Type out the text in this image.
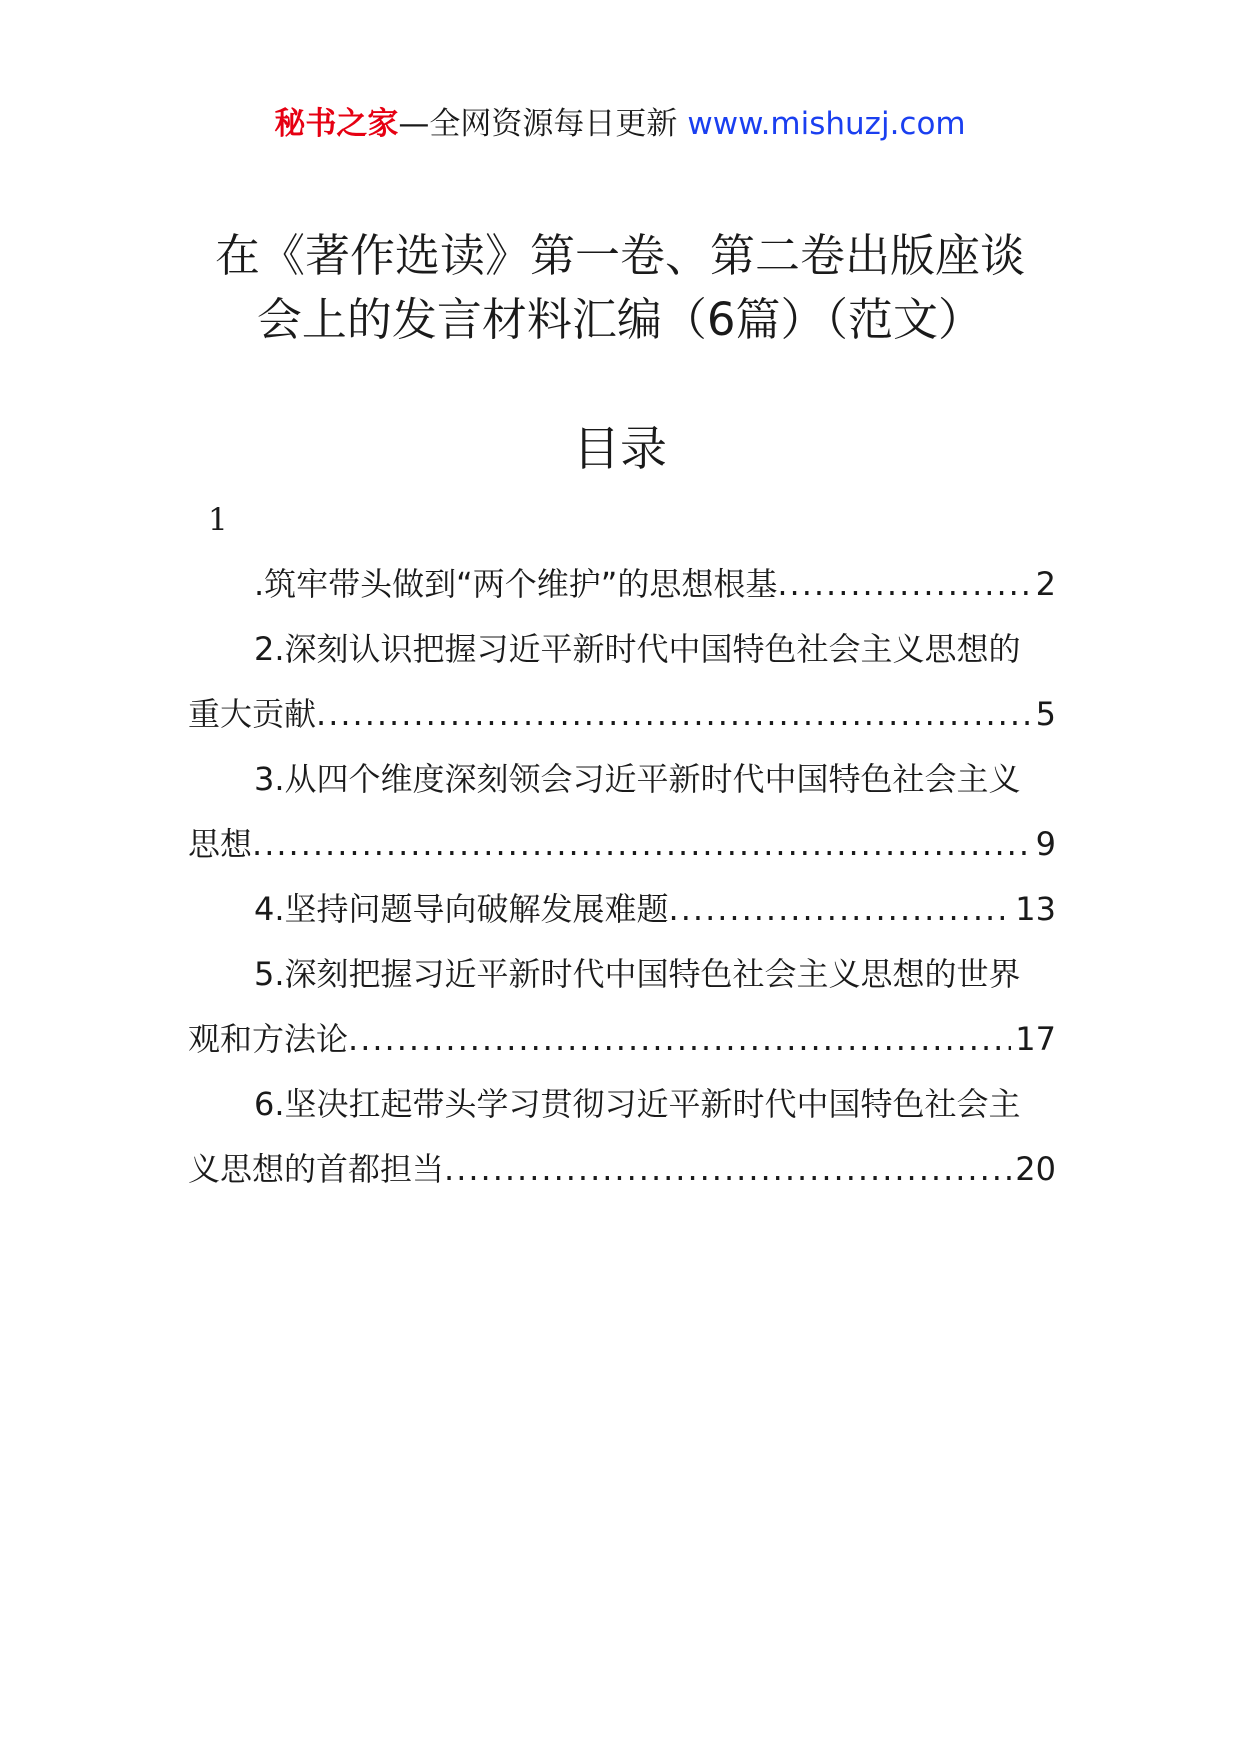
秘书之家—全网资源每日更新 www.mishuzj.com
在《著作选读》第一卷、第二卷出版座谈
会上的发言材料汇编（6篇）（范文）
目录
1
.筑牢带头做到“两个维护”的思想根基 .....	2
2.深刻认识把握习近平新时代中国特色社会主义思想的
重大贡献 .....	5
3.从四个维度深刻领会习近平新时代中国特色社会主义
思想 .....	9
4.坚持问题导向破解发展难题 .....	13
5.深刻把握习近平新时代中国特色社会主义思想的世界
观和方法论 .....	17
6.坚决扛起带头学习贯彻习近平新时代中国特色社会主
义思想的首都担当 .....	20
